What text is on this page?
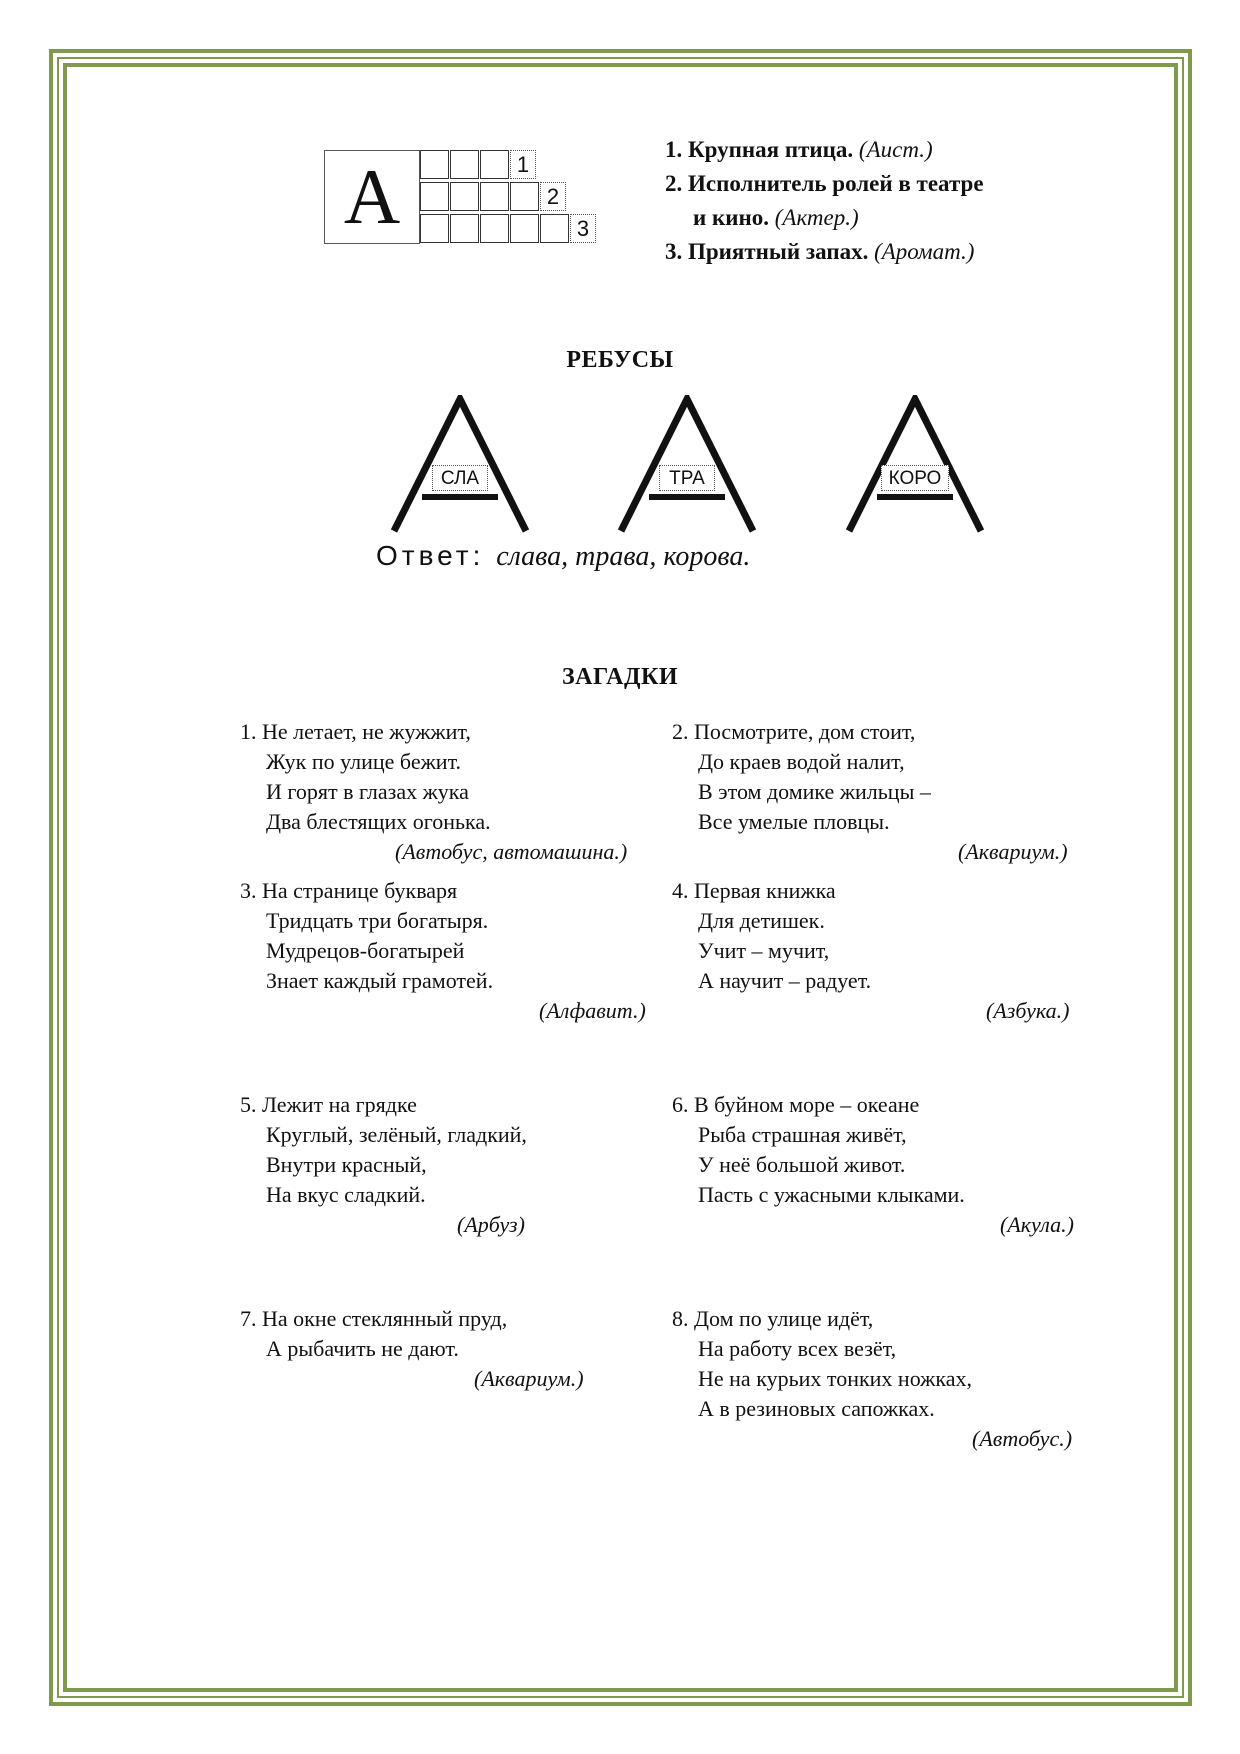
А	1
2
3
1. Крупная птица. (Аист.)
2. Исполнитель ролей в театре
и кино. (Актер.)
3. Приятный запах. (Аромат.)
РЕБУСЫ
СЛА	ТРА	КОРО
Ответ: слава, трава, корова.
ЗАГАДКИ
1. Не летает, не жужжит,
Жук по улице бежит.
И горят в глазах жука
Два блестящих огонька.
(Автобус, автомашина.)
2. Посмотрите, дом стоит,
До краев водой налит,
В этом домике жильцы –
Все умелые пловцы.
(Аквариум.)
3. На странице букваря
Тридцать три богатыря.
Мудрецов-богатырей
Знает каждый грамотей.
(Алфавит.)
4. Первая книжка
Для детишек.
Учит – мучит,
А научит – радует.
(Азбука.)
5. Лежит на грядке
Круглый, зелёный, гладкий,
Внутри красный,
На вкус сладкий.
(Арбуз)
6. В буйном море – океане
Рыба страшная живёт,
У неё большой живот.
Пасть с ужасными клыками.
(Акула.)
7. На окне стеклянный пруд,
А рыбачить не дают.
(Аквариум.)
8. Дом по улице идёт,
На работу всех везёт,
Не на курьих тонких ножках,
А в резиновых сапожках.
(Автобус.)
